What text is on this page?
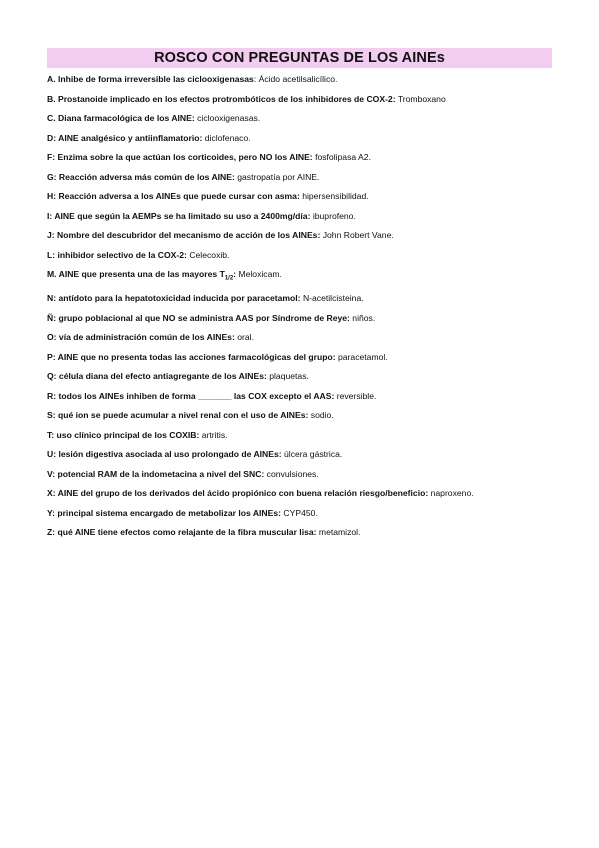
ROSCO CON PREGUNTAS DE LOS AINEs

A. Inhibe de forma irreversible las ciclooxigenasas: Ácido acetilsalicílico.

B. Prostanoide implicado en los efectos protrombóticos de los inhibidores de COX-2: Tromboxano

C. Diana farmacológica de los AINE: ciclooxigenasas.

D: AINE analgésico y antiinflamatorio: diclofenaco.

F: Enzima sobre la que actúan los corticoides, pero NO los AINE: fosfolipasa A2.

G: Reacción adversa más común de los AINE: gastropatía por AINE.

H: Reacción adversa a los AINEs que puede cursar con asma: hipersensibilidad.

I: AINE que según la AEMPs se ha limitado su uso a 2400mg/día: ibuprofeno.

J: Nombre del descubridor del mecanismo de acción de los AINEs: John Robert Vane.

L: inhibidor selectivo de la COX-2: Celecoxib.

M. AINE que presenta una de las mayores $T_{1/2}$: Meloxicam.

N: antídoto para la hepatotoxicidad inducida por paracetamol: N-acetilcisteina.

Ñ: grupo poblacional al que NO se administra AAS por Síndrome de Reye: niños.

O: vía de administración común de los AINEs: oral.

P: AINE que no presenta todas las acciones farmacológicas del grupo: paracetamol.

Q: célula diana del efecto antiagregante de los AINEs: plaquetas.

R: todos los AINEs inhiben de forma _______ las COX excepto el AAS: reversible.

S: qué ion se puede acumular a nivel renal con el uso de AINEs: sodio.

T: uso clínico principal de los COXIB: artritis.

U: lesión digestiva asociada al uso prolongado de AINEs: úlcera gástrica.

V: potencial RAM de la indometacina a nivel del SNC: convulsiones.

X: AINE del grupo de los derivados del ácido propiónico con buena relación riesgo/beneficio: naproxeno.

Y: principal sistema encargado de metabolizar los AINEs: CYP450.

Z: qué AINE tiene efectos como relajante de la fibra muscular lisa: metamizol.
